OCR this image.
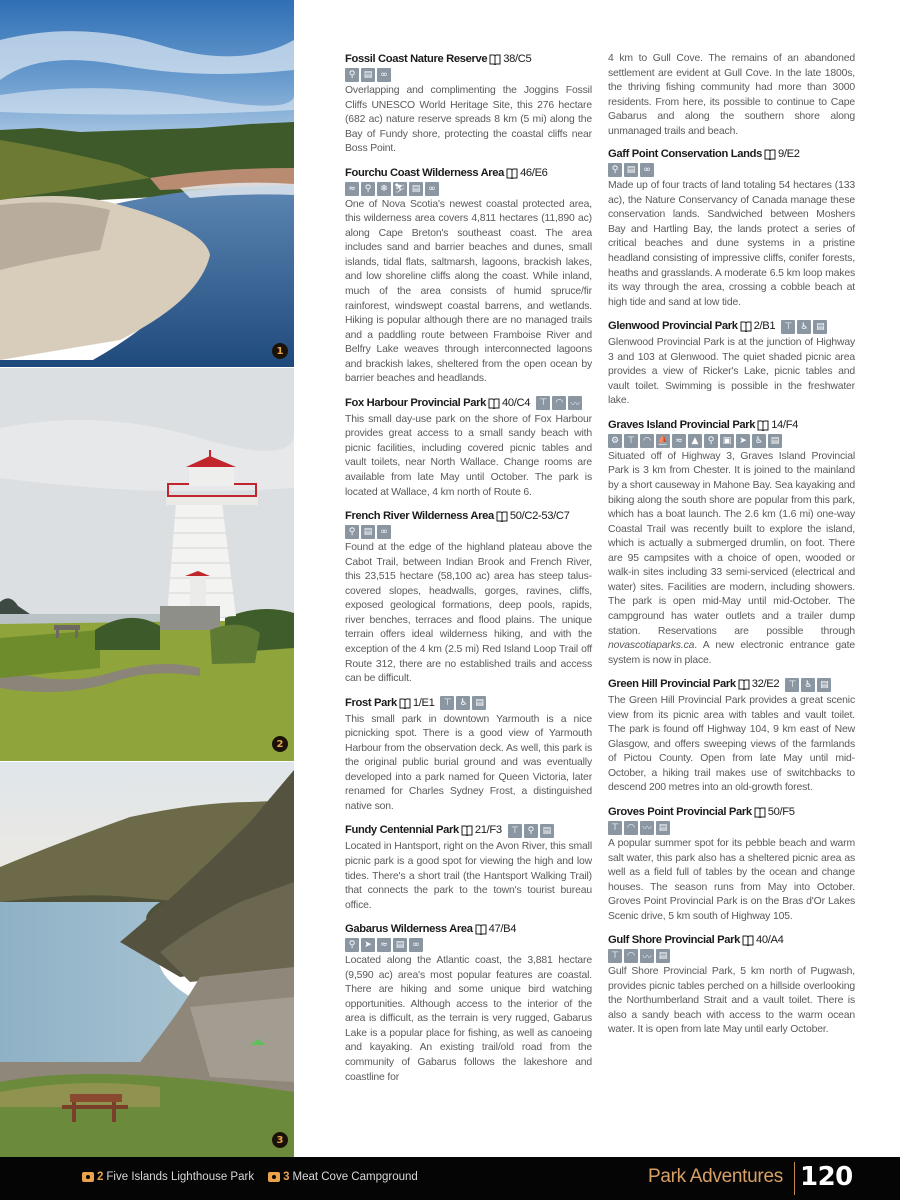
1
2
3
Fossil Coast Nature Reserve 38/C5
⚲ ▤ ∞

Overlapping and complimenting the Joggins Fossil Cliffs UNESCO World Heritage Site, this 276 hectare (682 ac) nature reserve spreads 8 km (5 mi) along the Bay of Fundy shore, protecting the coastal cliffs near Boss Point.

Fourchu Coast Wilderness Area 46/E6
≈ ⚲ ❄ ⛷ ▤ ∞

One of Nova Scotia's newest coastal protected area, this wilderness area covers 4,811 hectares (11,890 ac) along Cape Breton's southeast coast. The area includes sand and barrier beaches and dunes, small islands, tidal flats, saltmarsh, lagoons, brackish lakes, and low shoreline cliffs along the coast. While inland, much of the area consists of humid spruce/fir rainforest, windswept coastal barrens, and wetlands. Hiking is popular although there are no managed trails and a paddling route between Framboise River and Belfry Lake weaves through interconnected lagoons and brackish lakes, sheltered from the open ocean by barrier beaches and headlands.

Fox Harbour Provincial Park 40/C4	⊤ ◠ 〰

This small day-use park on the shore of Fox Harbour provides great access to a small sandy beach with picnic facilities, including covered picnic tables and vault toilets, near North Wallace. Change rooms are available from late May until October. The park is located at Wallace, 4 km north of Route 6.

French River Wilderness Area 50/C2-53/C7
⚲ ▤ ∞

Found at the edge of the highland plateau above the Cabot Trail, between Indian Brook and French River, this 23,515 hectare (58,100 ac) area has steep talus-covered slopes, headwalls, gorges, ravines, cliffs, exposed geological formations, deep pools, rapids, river benches, terraces and flood plains. The unique terrain offers ideal wilderness hiking, and with the exception of the 4 km (2.5 mi) Red Island Loop Trail off Route 312, there are no established trails and access can be difficult.

Frost Park 1/E1	⊤ ♿ ▤

This small park in downtown Yarmouth is a nice picnicking spot. There is a good view of Yarmouth Harbour from the observation deck. As well, this park is the original public burial ground and was eventually developed into a park named for Queen Victoria, later renamed for Charles Sydney Frost, a distinguished native son.

Fundy Centennial Park 21/F3	⊤	⚲ ▤

Located in Hantsport, right on the Avon River, this small picnic park is a good spot for viewing the high and low tides. There's a short trail (the Hantsport Walking Trail) that connects the park to the town's tourist bureau office.

Gabarus Wilderness Area 47/B4
⚲ ➤ ≈ ▤ ∞

Located along the Atlantic coast, the 3,881 hectare (9,590 ac) area's most popular features are coastal. There are hiking and some unique bird watching opportunities. Although access to the interior of the area is difficult, as the terrain is very rugged, Gabarus Lake is a popular place for fishing, as well as canoeing and kayaking. An existing trail/old road from the community of Gabarus follows the lakeshore and coastline for

4 km to Gull Cove. The remains of an abandoned settlement are evident at Gull Cove. In the late 1800s, the thriving fishing community had more than 3000 residents. From here, its possible to continue to Cape Gabarus and along the southern shore along unmanaged trails and beach.

Gaff Point Conservation Lands 9/E2
⚲ ▤ ∞

Made up of four tracts of land totaling 54 hectares (133 ac), the Nature Conservancy of Canada manage these conservation lands. Sandwiched between Moshers Bay and Hartling Bay, the lands protect a series of critical beaches and dune systems in a pristine headland consisting of impressive cliffs, conifer forests, heaths and grasslands. A moderate 6.5 km loop makes its way through the area, crossing a cobble beach at high tide and sand at low tide.

Glenwood Provincial Park 2/B1	⊤ ♿ ▤

Glenwood Provincial Park is at the junction of Highway 3 and 103 at Glenwood. The quiet shaded picnic area provides a view of Ricker's Lake, picnic tables and vault toilet. Swimming is possible in the freshwater lake.

Graves Island Provincial Park 14/F4
⚙ ⊤ ◠ ⛵ ≈ ▲	⚲ ▣ ➤ ♿ ▤

Situated off of Highway 3, Graves Island Provincial Park is 3 km from Chester. It is joined to the mainland by a short causeway in Mahone Bay. Sea kayaking and biking along the south shore are popular from this park, which has a boat launch. The 2.6 km (1.6 mi) one-way Coastal Trail was recently built to explore the island, which is actually a submerged drumlin, on foot. There are 95 campsites with a choice of open, wooded or walk-in sites including 33 semi-serviced (electrical and water) sites. Facilities are modern, including showers. The park is open mid-May until mid-October. The campground has water outlets and a trailer dump station. Reservations are possible through novascotiaparks.ca. A new electronic entrance gate system is now in place.

Green Hill Provincial Park 32/E2	⊤ ♿ ▤

The Green Hill Provincial Park provides a great scenic view from its picnic area with tables and vault toilet. The park is found off Highway 104, 9 km east of New Glasgow, and offers sweeping views of the farmlands of Pictou County. Open from late May until mid-October, a hiking trail makes use of switchbacks to descend 200 metres into an old-growth forest.

Groves Point Provincial Park 50/F5
⊤ ◠ 〰 ▤

A popular summer spot for its pebble beach and warm salt water, this park also has a sheltered picnic area as well as a field full of tables by the ocean and change houses. The season runs from May into October. Groves Point Provincial Park is on the Bras d'Or Lakes Scenic drive, 5 km south of Highway 105.

Gulf Shore Provincial Park 40/A4
⊤ ◠ 〰 ▤

Gulf Shore Provincial Park, 5 km north of Pugwash, provides picnic tables perched on a hillside overlooking the Northumberland Strait and a vault toilet. There is also a sandy beach with access to the warm ocean water. It is open from late May until early October.

2 Five Islands Lighthouse Park	3 Meat Cove Campground	Park Adventures 120
